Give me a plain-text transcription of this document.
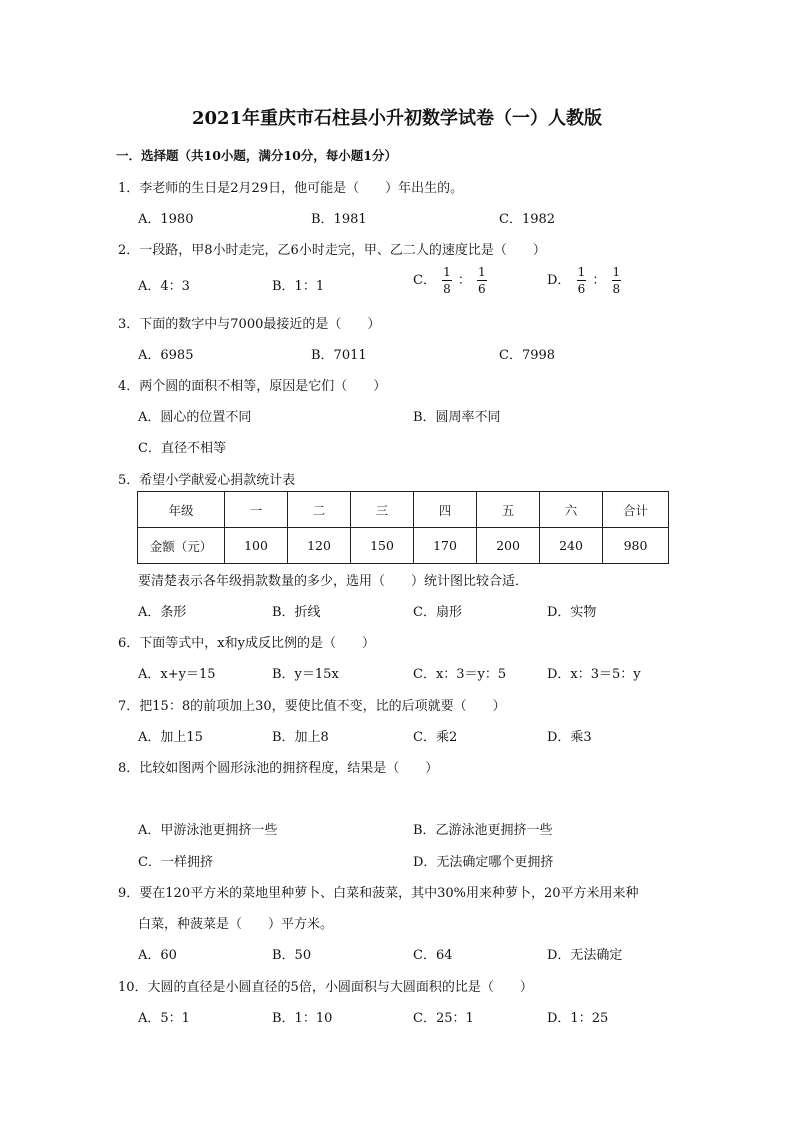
2021年重庆市石柱县小升初数学试卷（一）人教版
一．选择题（共10小题，满分10分，每小题1分）
1．李老师的生日是2月29日，他可能是（　　）年出生的。
A．1980	B．1981	C．1982
2．一段路，甲8小时走完，乙6小时走完，甲、乙二人的速度比是（　　）
A．4：3	B．1：1	C． $\frac{1}{8}$ ： $\frac{1}{6}$	D． $\frac{1}{6}$ ： $\frac{1}{8}$
3．下面的数字中与7000最接近的是（　　）
A．6985	B．7011	C．7998
4．两个圆的面积不相等，原因是它们（　　）
A．圆心的位置不同	B．圆周率不同
C．直径不相等
5．希望小学献爱心捐款统计表
年级	一	二	三	四	五	六	合计
金额（元）	100	120	150	170	200	240	980
要清楚表示各年级捐款数量的多少，选用（　　）统计图比较合适．
A．条形	B．折线	C．扇形	D．实物
6．下面等式中，x和y成反比例的是（　　）
A．x+y＝15	B．y＝15x	C．x：3＝y：5	D．x：3＝5：y
7．把15：8的前项加上30，要使比值不变，比的后项就要（　　）
A．加上15	B．加上8	C．乘2	D．乘3
8．比较如图两个圆形泳池的拥挤程度，结果是（　　）
A．甲游泳池更拥挤一些	B．乙游泳池更拥挤一些
C．一样拥挤	D．无法确定哪个更拥挤
9．要在120平方米的菜地里种萝卜、白菜和菠菜，其中30%用来种萝卜，20平方米用来种
白菜，种菠菜是（　　）平方米。
A．60	B．50	C．64	D．无法确定
10．大圆的直径是小圆直径的5倍，小圆面积与大圆面积的比是（　　）
A．5：1	B．1：10	C．25：1	D．1：25
